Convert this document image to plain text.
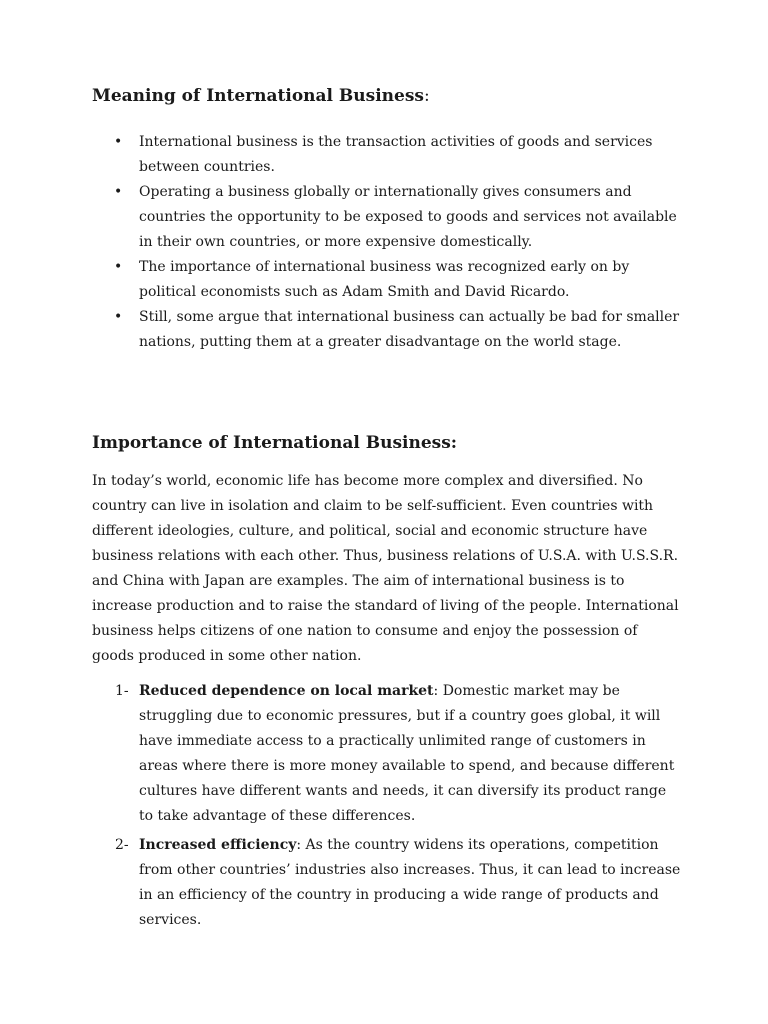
Meaning of International Business:
• International business is the transaction activities of goods and services between countries.
• Operating a business globally or internationally gives consumers and countries the opportunity to be exposed to goods and services not available in their own countries, or more expensive domestically.
• The importance of international business was recognized early on by political economists such as Adam Smith and David Ricardo.
• Still, some argue that international business can actually be bad for smaller nations, putting them at a greater disadvantage on the world stage.
Importance of International Business:

In today’s world, economic life has become more complex and diversified. No country can live in isolation and claim to be self-sufficient. Even countries with different ideologies, culture, and political, social and economic structure have business relations with each other. Thus, business relations of U.S.A. with U.S.S.R. and China with Japan are examples. The aim of international business is to increase production and to raise the standard of living of the people. International business helps citizens of one nation to consume and enjoy the possession of goods produced in some other nation.

1- Reduced dependence on local market: Domestic market may be struggling due to economic pressures, but if a country goes global, it will have immediate access to a practically unlimited range of customers in areas where there is more money available to spend, and because different cultures have different wants and needs, it can diversify its product range to take advantage of these differences.
2- Increased efficiency: As the country widens its operations, competition from other countries’ industries also increases. Thus, it can lead to increase in an efficiency of the country in producing a wide range of products and services.
